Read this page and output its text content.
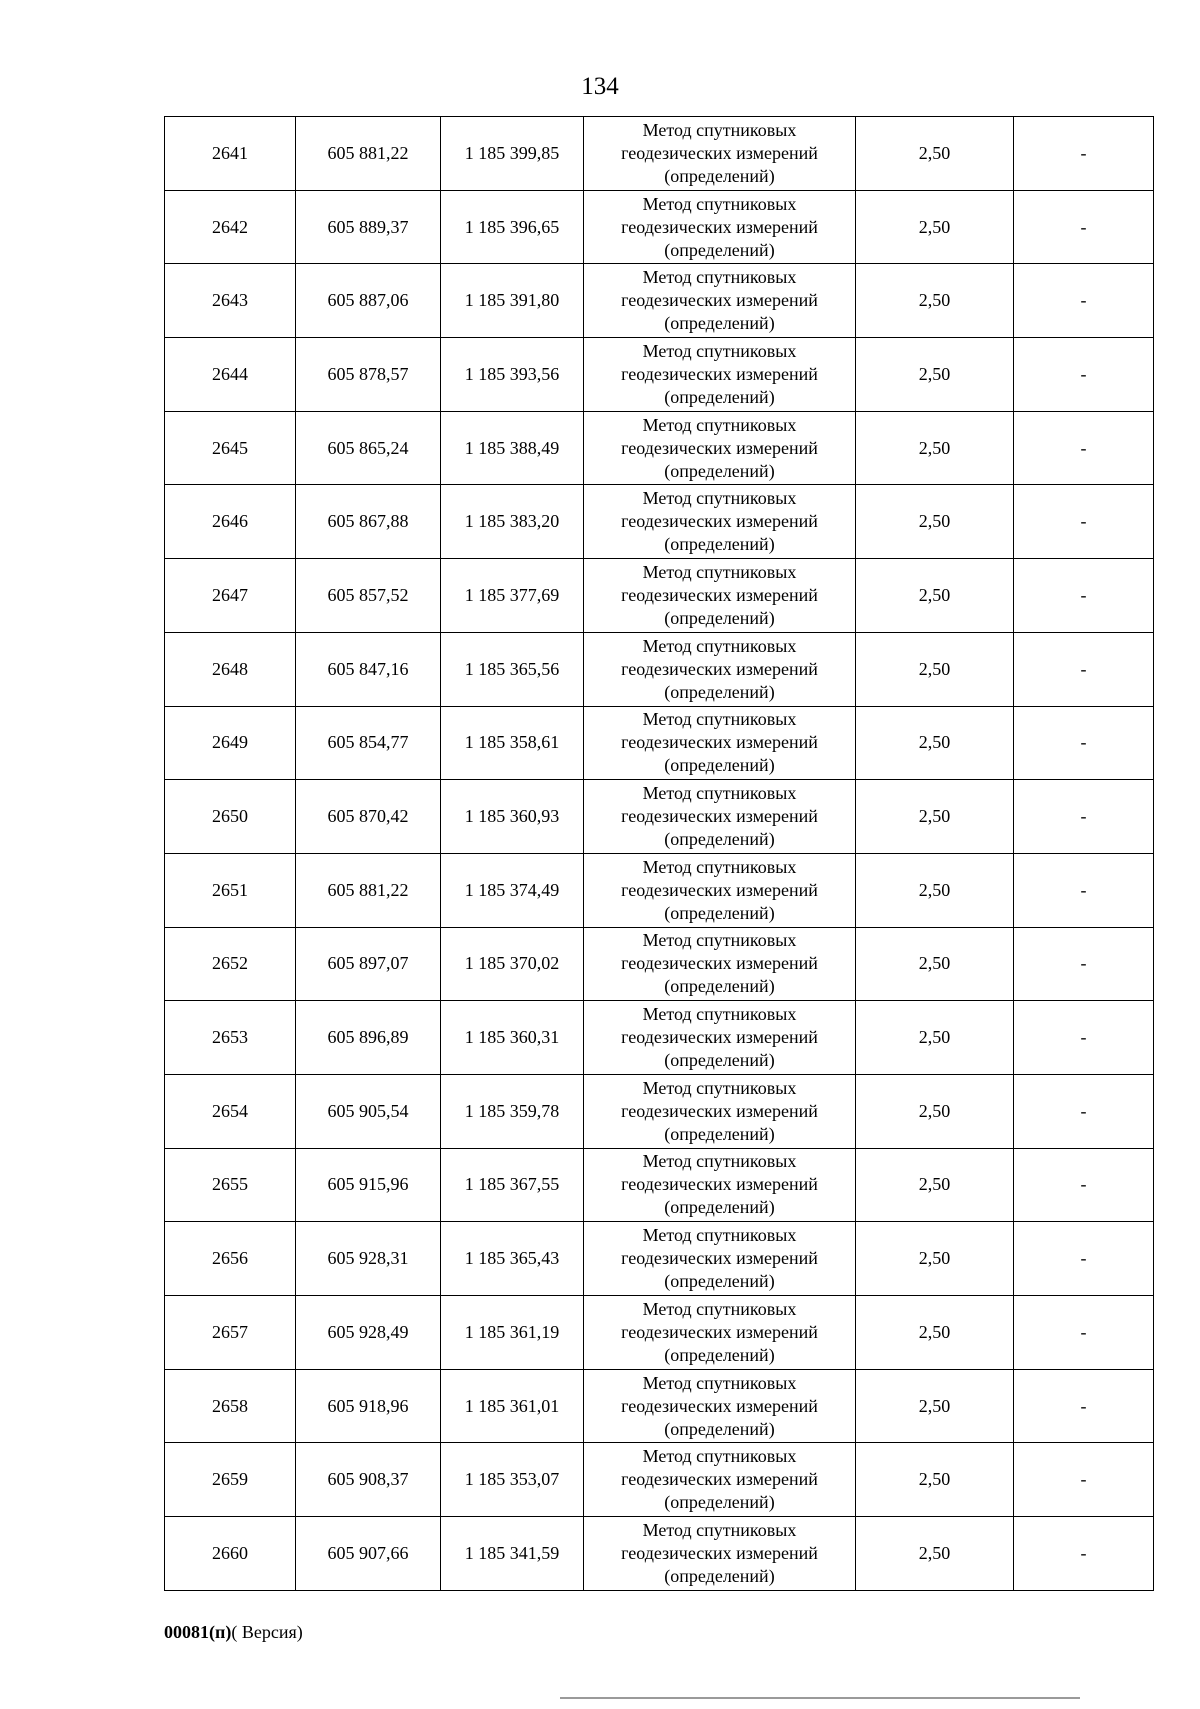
134
2641	605 881,22	1 185 399,85	Метод спутниковых
геодезических измерений
(определений)	2,50	-
2642	605 889,37	1 185 396,65	Метод спутниковых
геодезических измерений
(определений)	2,50	-
2643	605 887,06	1 185 391,80	Метод спутниковых
геодезических измерений
(определений)	2,50	-
2644	605 878,57	1 185 393,56	Метод спутниковых
геодезических измерений
(определений)	2,50	-
2645	605 865,24	1 185 388,49	Метод спутниковых
геодезических измерений
(определений)	2,50	-
2646	605 867,88	1 185 383,20	Метод спутниковых
геодезических измерений
(определений)	2,50	-
2647	605 857,52	1 185 377,69	Метод спутниковых
геодезических измерений
(определений)	2,50	-
2648	605 847,16	1 185 365,56	Метод спутниковых
геодезических измерений
(определений)	2,50	-
2649	605 854,77	1 185 358,61	Метод спутниковых
геодезических измерений
(определений)	2,50	-
2650	605 870,42	1 185 360,93	Метод спутниковых
геодезических измерений
(определений)	2,50	-
2651	605 881,22	1 185 374,49	Метод спутниковых
геодезических измерений
(определений)	2,50	-
2652	605 897,07	1 185 370,02	Метод спутниковых
геодезических измерений
(определений)	2,50	-
2653	605 896,89	1 185 360,31	Метод спутниковых
геодезических измерений
(определений)	2,50	-
2654	605 905,54	1 185 359,78	Метод спутниковых
геодезических измерений
(определений)	2,50	-
2655	605 915,96	1 185 367,55	Метод спутниковых
геодезических измерений
(определений)	2,50	-
2656	605 928,31	1 185 365,43	Метод спутниковых
геодезических измерений
(определений)	2,50	-
2657	605 928,49	1 185 361,19	Метод спутниковых
геодезических измерений
(определений)	2,50	-
2658	605 918,96	1 185 361,01	Метод спутниковых
геодезических измерений
(определений)	2,50	-
2659	605 908,37	1 185 353,07	Метод спутниковых
геодезических измерений
(определений)	2,50	-
2660	605 907,66	1 185 341,59	Метод спутниковых
геодезических измерений
(определений)	2,50	-
00081(п)( Версия)
